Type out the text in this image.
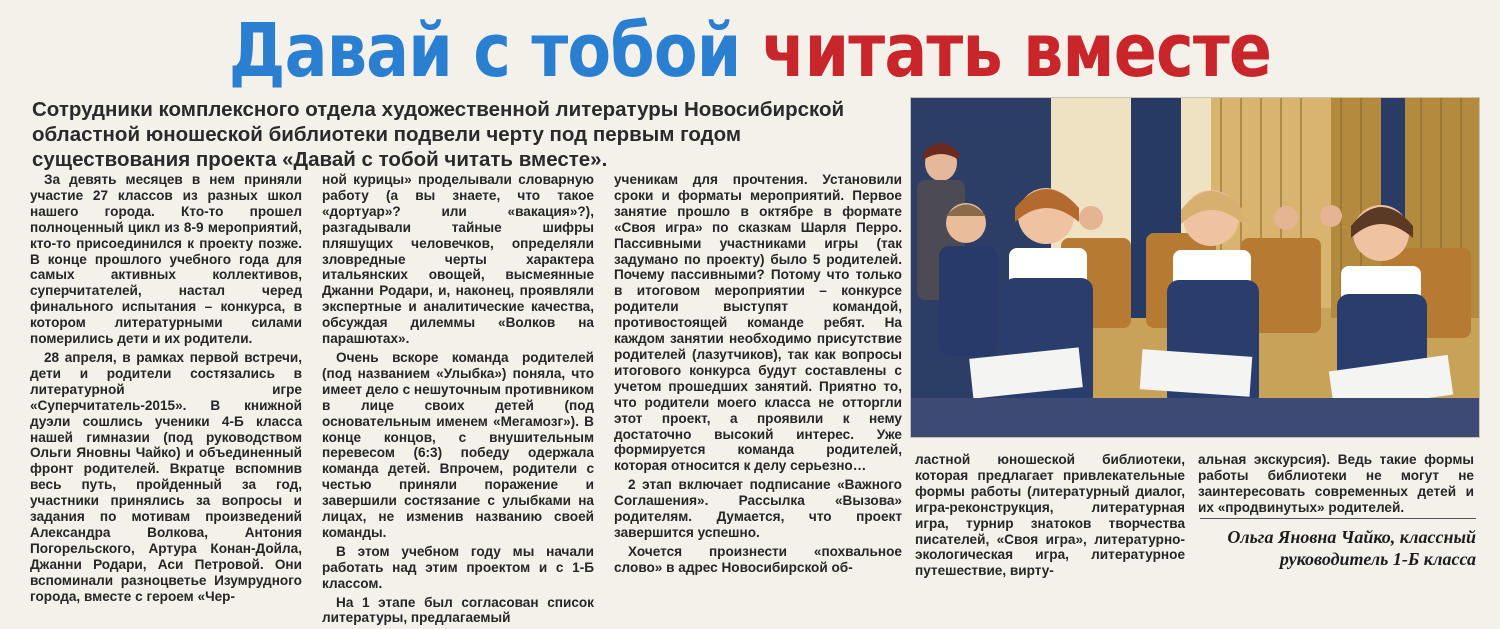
Давай с тобой читать вместе
Сотрудники комплексного отдела художественной литературы Новосибирской областной юношеской библиотеки подвели черту под первым годом существования проекта «Давай с тобой читать вместе».

За девять месяцев в нем приняли участие 27 классов из разных школ нашего города. Кто-то прошел полноценный цикл из 8-9 мероприятий, кто-то присоединился к проекту позже. В конце прошлого учебного года для самых активных коллективов, суперчитателей, настал черед финального испытания – конкурса, в котором литературными силами померились дети и их родители.

28 апреля, в рамках первой встречи, дети и родители состязались в литературной игре «Суперчитатель-2015». В книжной дуэли сошлись ученики 4-Б класса нашей гимназии (под руководством Ольги Яновны Чайко) и объединенный фронт родителей. Вкратце вспомнив весь путь, пройденный за год, участники принялись за вопросы и задания по мотивам произведений Александра Волкова, Антония Погорельского, Артура Конан-Дойла, Джанни Родари, Аси Петровой. Они вспоминали разноцветье Изумрудного города, вместе с героем «Чер-

ной курицы» проделывали словарную работу (а вы знаете, что такое «дортуар»? или «вакация»?), разгадывали тайные шифры пляшущих человечков, определяли зловредные черты характера итальянских овощей, высмеянные Джанни Родари, и, наконец, проявляли экспертные и аналитические качества, обсуждая дилеммы «Волков на парашютах».

Очень вскоре команда родителей (под названием «Улыбка») поняла, что имеет дело с нешуточным противником в лице своих детей (под основательным именем «Мегамозг»). В конце концов, с внушительным перевесом (6:3) победу одержала команда детей. Впрочем, родители с честью приняли поражение и завершили состязание с улыбками на лицах, не изменив названию своей команды.

В этом учебном году мы начали работать над этим проектом и с 1-Б классом.

На 1 этапе был согласован список литературы, предлагаемый

ученикам для прочтения. Установили сроки и форматы мероприятий. Первое занятие прошло в октябре в формате «Своя игра» по сказкам Шарля Перро. Пассивными участниками игры (так задумано по проекту) было 5 родителей. Почему пассивными? Потому что только в итоговом мероприятии – конкурсе родители выступят командой, противостоящей команде ребят. На каждом занятии необходимо присутствие родителей (лазутчиков), так как вопросы итогового конкурса будут составлены с учетом прошедших занятий. Приятно то, что родители моего класса не отторгли этот проект, а проявили к нему достаточно высокий интерес. Уже формируется команда родителей, которая относится к делу серьезно…

2 этап включает подписание «Важного Соглашения». Рассылка «Вызова» родителям. Думается, что проект завершится успешно.

Хочется произнести «похвальное слово» в адрес Новосибирской об-

ластной юношеской библиотеки, которая предлагает привлекательные формы работы (литературный диалог, игра-реконструкция, литературная игра, турнир знатоков творчества писателей, «Своя игра», литературно-экологическая игра, литературное путешествие, вирту-

альная экскурсия). Ведь такие формы работы библиотеки не могут не заинтересовать современных детей и их «продвинутых» родителей.

Ольга Яновна Чайко, классный руководитель 1-Б класса
